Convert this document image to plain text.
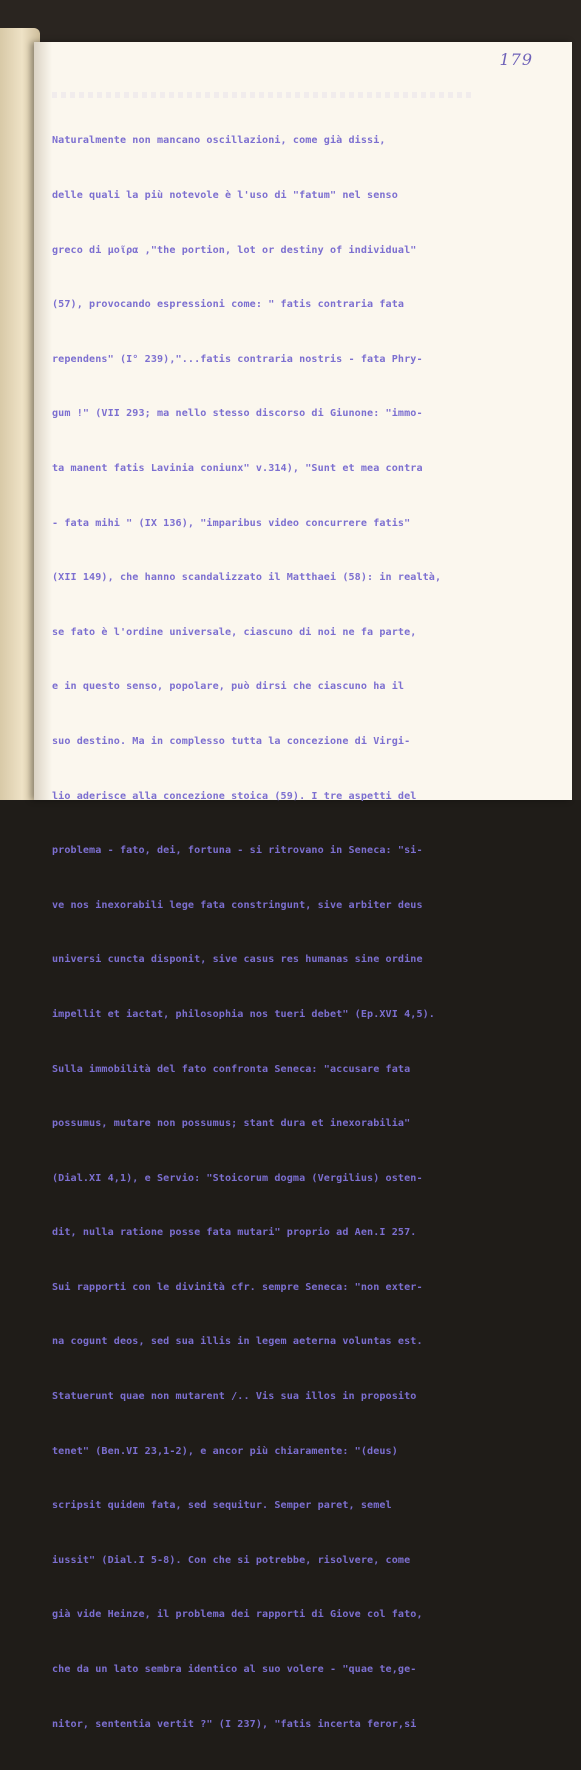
179

Naturalmente non mancano oscillazioni, come già dissi,

delle quali la più notevole è l'uso di "fatum" nel senso

greco di μοῖρα ,"the portion, lot or destiny of individual"

(57), provocando espressioni come: " fatis contraria fata

rependens" (I° 239),"...fatis contraria nostris - fata Phry-

gum !" (VII 293; ma nello stesso discorso di Giunone: "immo-

ta manent fatis Lavinia coniunx" v.314), "Sunt et mea contra

- fata mihi " (IX 136), "imparibus video concurrere fatis"

(XII 149), che hanno scandalizzato il Matthaei (58): in realtà,

se fato è l'ordine universale, ciascuno di noi ne fa parte,

e in questo senso, popolare, può dirsi che ciascuno ha il

suo destino. Ma in complesso tutta la concezione di Virgi-

lio aderisce alla concezione stoica (59). I tre aspetti del

problema - fato, dei, fortuna - si ritrovano in Seneca: "si-

ve nos inexorabili lege fata constringunt, sive arbiter deus

universi cuncta disponit, sive casus res humanas sine ordine

impellit et iactat, philosophia nos tueri debet" (Ep.XVI 4,5).

Sulla immobilità del fato confronta Seneca: "accusare fata

possumus, mutare non possumus; stant dura et inexorabilia"

(Dial.XI 4,1), e Servio: "Stoicorum dogma (Vergilius) osten-

dit, nulla ratione posse fata mutari" proprio ad Aen.I 257.

Sui rapporti con le divinità cfr. sempre Seneca: "non exter-

na cogunt deos, sed sua illis in legem aeterna voluntas est.

Statuerunt quae non mutarent /.. Vis sua illos in proposito

tenet" (Ben.VI 23,1-2), e ancor più chiaramente: "(deus)

scripsit quidem fata, sed sequitur. Semper paret, semel

iussit" (Dial.I 5-8). Con che si potrebbe, risolvere, come

già vide Heinze, il problema dei rapporti di Giove col fato,

che da un lato sembra identico al suo volere - "quae te,ge-

nitor, sententia vertit ?" (I 237), "fatis incerta feror,si
